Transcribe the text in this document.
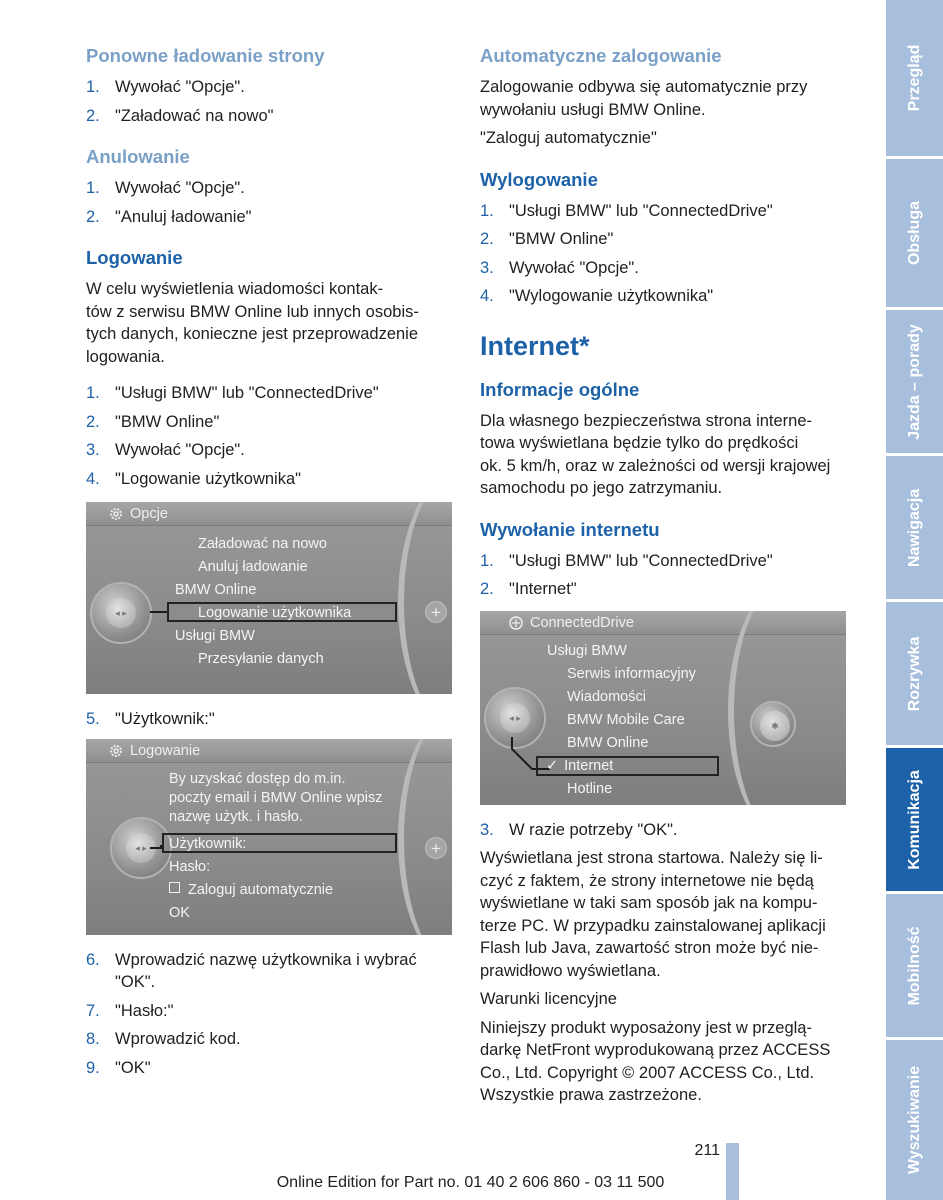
Ponowne ładowanie strony
1. Wywołać "Opcje".
2. "Załadować na nowo"
Anulowanie
1. Wywołać "Opcje".
2. "Anuluj ładowanie"
Logowanie

W celu wyświetlenia wiadomości kontak-
tów z serwisu BMW Online lub innych osobis-
tych danych, konieczne jest przeprowadzenie
logowania.

1. "Usługi BMW" lub "ConnectedDrive"
2. "BMW Online"
3. Wywołać "Opcje".
4. "Logowanie użytkownika"
Opcje
+
◂ ▸
Załadować na nowo
Anuluj ładowanie
BMW Online
Logowanie użytkownika
Usługi BMW
Przesyłanie danych
5. "Użytkownik:"
Logowanie
+
◂ ▸
By uzyskać dostęp do m.in.
poczty email i BMW Online wpisz
nazwę użytk. i hasło.
Użytkownik:
Hasło:
Zaloguj automatycznie
OK
6. Wprowadzić nazwę użytkownika i wybrać "OK".
7. "Hasło:"
8. Wprowadzić kod.
9. "OK"
Automatyczne zalogowanie

Zalogowanie odbywa się automatycznie przy
wywołaniu usługi BMW Online.

"Zaloguj automatycznie"

Wylogowanie
1. "Usługi BMW" lub "ConnectedDrive"
2. "BMW Online"
3. Wywołać "Opcje".
4. "Wylogowanie użytkownika"
Internet*
Informacje ogólne

Dla własnego bezpieczeństwa strona interne-
towa wyświetlana będzie tylko do prędkości
ok. 5 km/h, oraz w zależności od wersji krajowej
samochodu po jego zatrzymaniu.

Wywołanie internetu
1. "Usługi BMW" lub "ConnectedDrive"
2. "Internet"
ConnectedDrive
◂ ▸
✱
Usługi BMW
Serwis informacyjny
Wiadomości
BMW Mobile Care
BMW Online
✓ Internet
Hotline
3. W razie potrzeby "OK".

Wyświetlana jest strona startowa. Należy się li-
czyć z faktem, że strony internetowe nie będą
wyświetlane w taki sam sposób jak na kompu-
terze PC. W przypadku zainstalowanej aplikacji
Flash lub Java, zawartość stron może być nie-
prawidłowo wyświetlana.

Warunki licencyjne

Niniejszy produkt wyposażony jest w przeglą-
darkę NetFront wyprodukowaną przez ACCESS
Co., Ltd. Copyright © 2007 ACCESS Co., Ltd.
Wszystkie prawa zastrzeżone.

Przegląd
Obsługa
Jazda – porady
Nawigacja
Rozrywka
Komunikacja
Mobilność
Wyszukiwanie
211
Online Edition for Part no. 01 40 2 606 860 - 03 11 500
